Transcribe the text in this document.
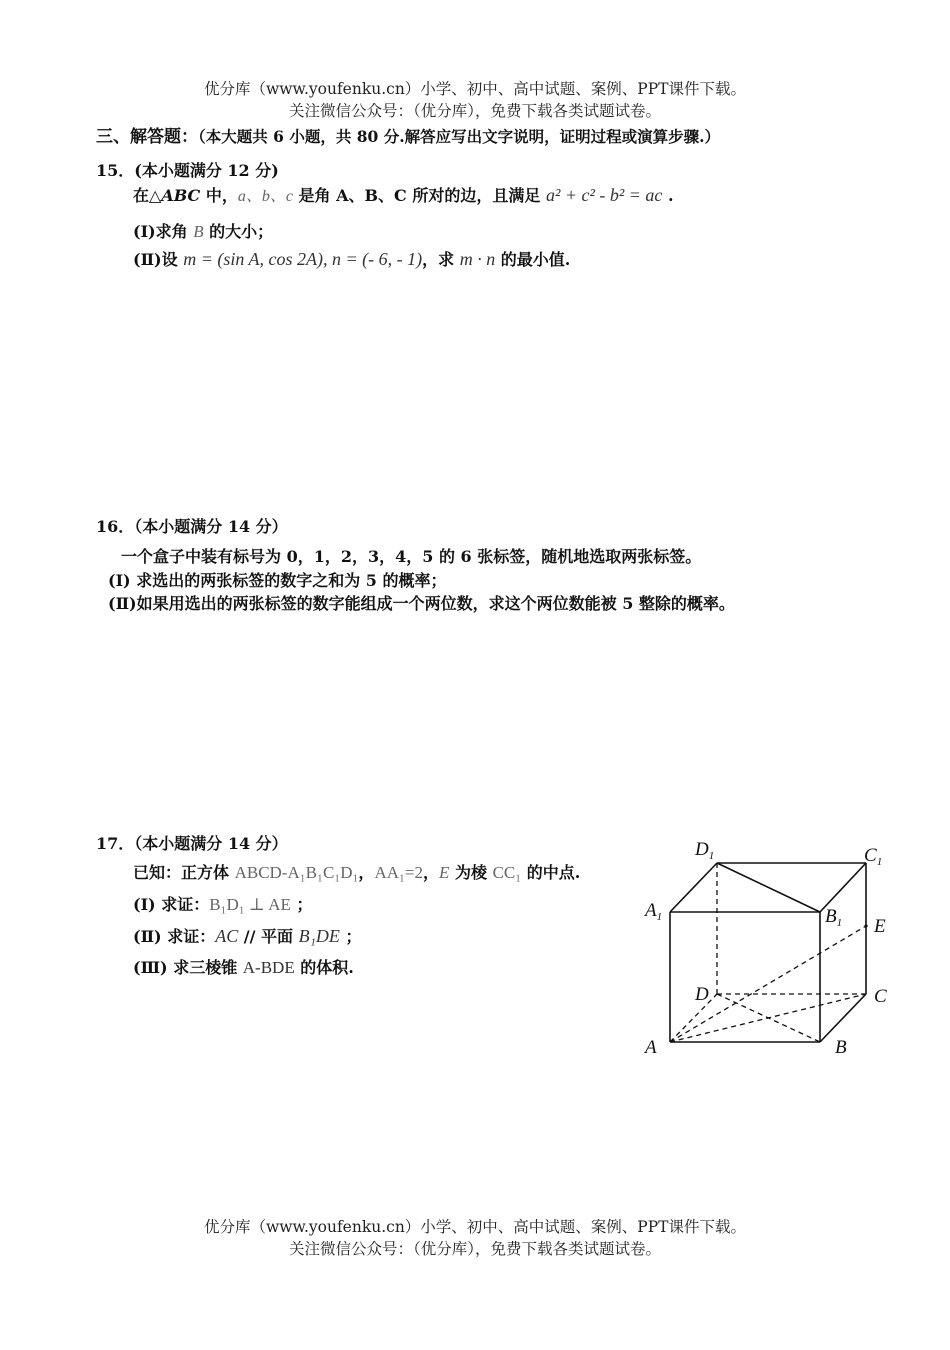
优分库（www.youfenku.cn）小学、初中、高中试题、案例、PPT课件下载。
关注微信公众号：（优分库），免费下载各类试题试卷。
三、解答题：（本大题共 6 小题，共 80 分.解答应写出文字说明，证明过程或演算步骤.）
15．(本小题满分 12 分)
在△ABC 中，a、b、c 是角 A、B、C 所对的边，且满足 a² + c² - b² = ac .
(Ⅰ)求角 B 的大小；
(Ⅱ)设 m = (sin A, cos 2A), n = (- 6, - 1)，求 m · n 的最小值.
16．（本小题满分 14 分）
一个盒子中装有标号为 0，1，2，3，4，5 的 6 张标签，随机地选取两张标签。
(Ⅰ) 求选出的两张标签的数字之和为 5 的概率；
(Ⅱ)如果用选出的两张标签的数字能组成一个两位数，求这个两位数能被 5 整除的概率。
17．（本小题满分 14 分）
已知：正方体 ABCD-A₁B₁C₁D₁，AA₁=2，E 为棱 CC₁ 的中点.
(Ⅰ) 求证：B₁D₁ ⊥ AE ；
(Ⅱ) 求证：AC // 平面 B₁DE ；
(Ⅲ) 求三棱锥 A-BDE 的体积.
$D_1$	$C_1$
$A_1$	$B_1$ E
D	C
A	B
优分库（www.youfenku.cn）小学、初中、高中试题、案例、PPT课件下载。
关注微信公众号：（优分库），免费下载各类试题试卷。
